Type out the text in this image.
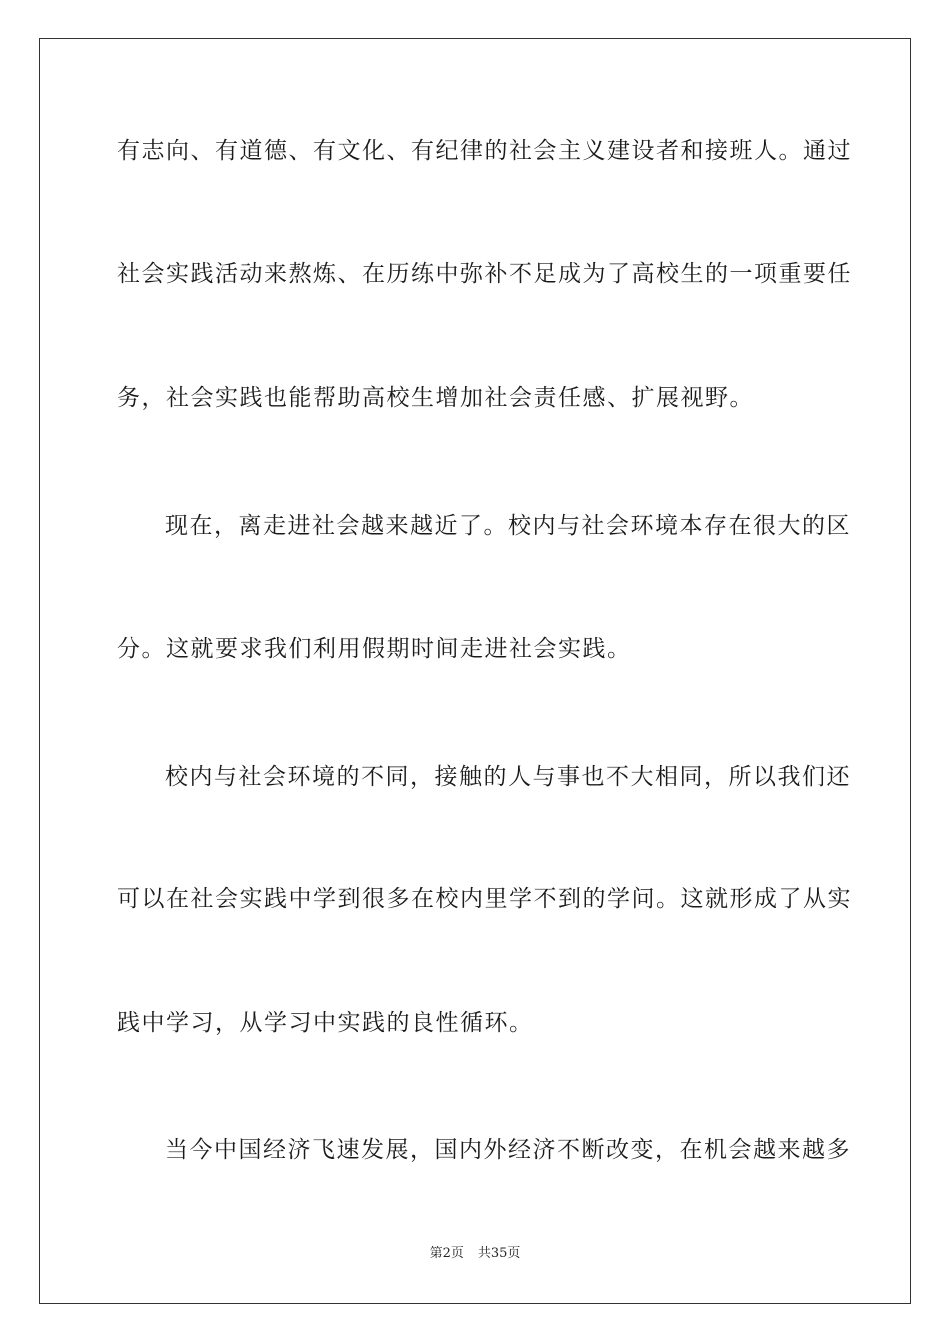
有志向、有道德、有文化、有纪律的社会主义建设者和接班人。通过

社会实践活动来熬炼、在历练中弥补不足成为了高校生的一项重要任

务，社会实践也能帮助高校生增加社会责任感、扩展视野。

现在，离走进社会越来越近了。校内与社会环境本存在很大的区

分。这就要求我们利用假期时间走进社会实践。

校内与社会环境的不同，接触的人与事也不大相同，所以我们还

可以在社会实践中学到很多在校内里学不到的学问。这就形成了从实

践中学习，从学习中实践的良性循环。

当今中国经济飞速发展，国内外经济不断改变，在机会越来越多

第2页 共35页
